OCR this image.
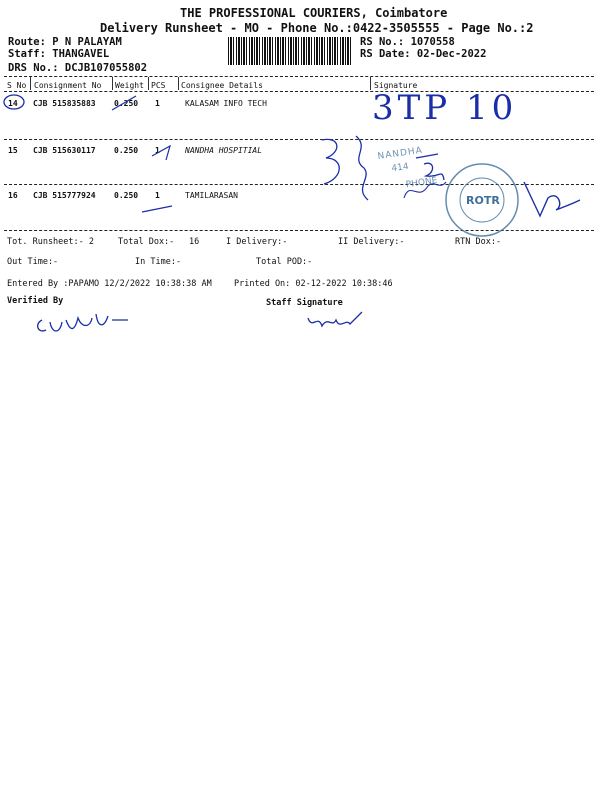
THE PROFESSIONAL COURIERS, Coimbatore
Delivery Runsheet - MO - Phone No.:0422-3505555 - Page No.:2
Route: P N PALAYAM
Staff: THANGAVEL
DRS No.: DCJB107055802
RS No.: 1070558
RS Date: 02-Dec-2022
S No Consignment No Weight PCS Consignee Details	Signature
14 CJB 515835883 0.250 1	KALASAM INFO TECH
15 CJB 515630117 0.250 1	NANDHA HOSPITIAL
16 CJB 515777924 0.250 1	TAMILARASAN
Tot. Runsheet:- 2	Total Dox:- 16	I Delivery:-	II Delivery:-	RTN Dox:-
Out Time:-	In Time:-	Total POD:-
Entered By :PAPAMO 12/2/2022 10:38:38 AM	Printed On: 02-12-2022 10:38:46
Verified By	Staff Signature
3TP 10
NANDHA
414
PHONE
ROTR
